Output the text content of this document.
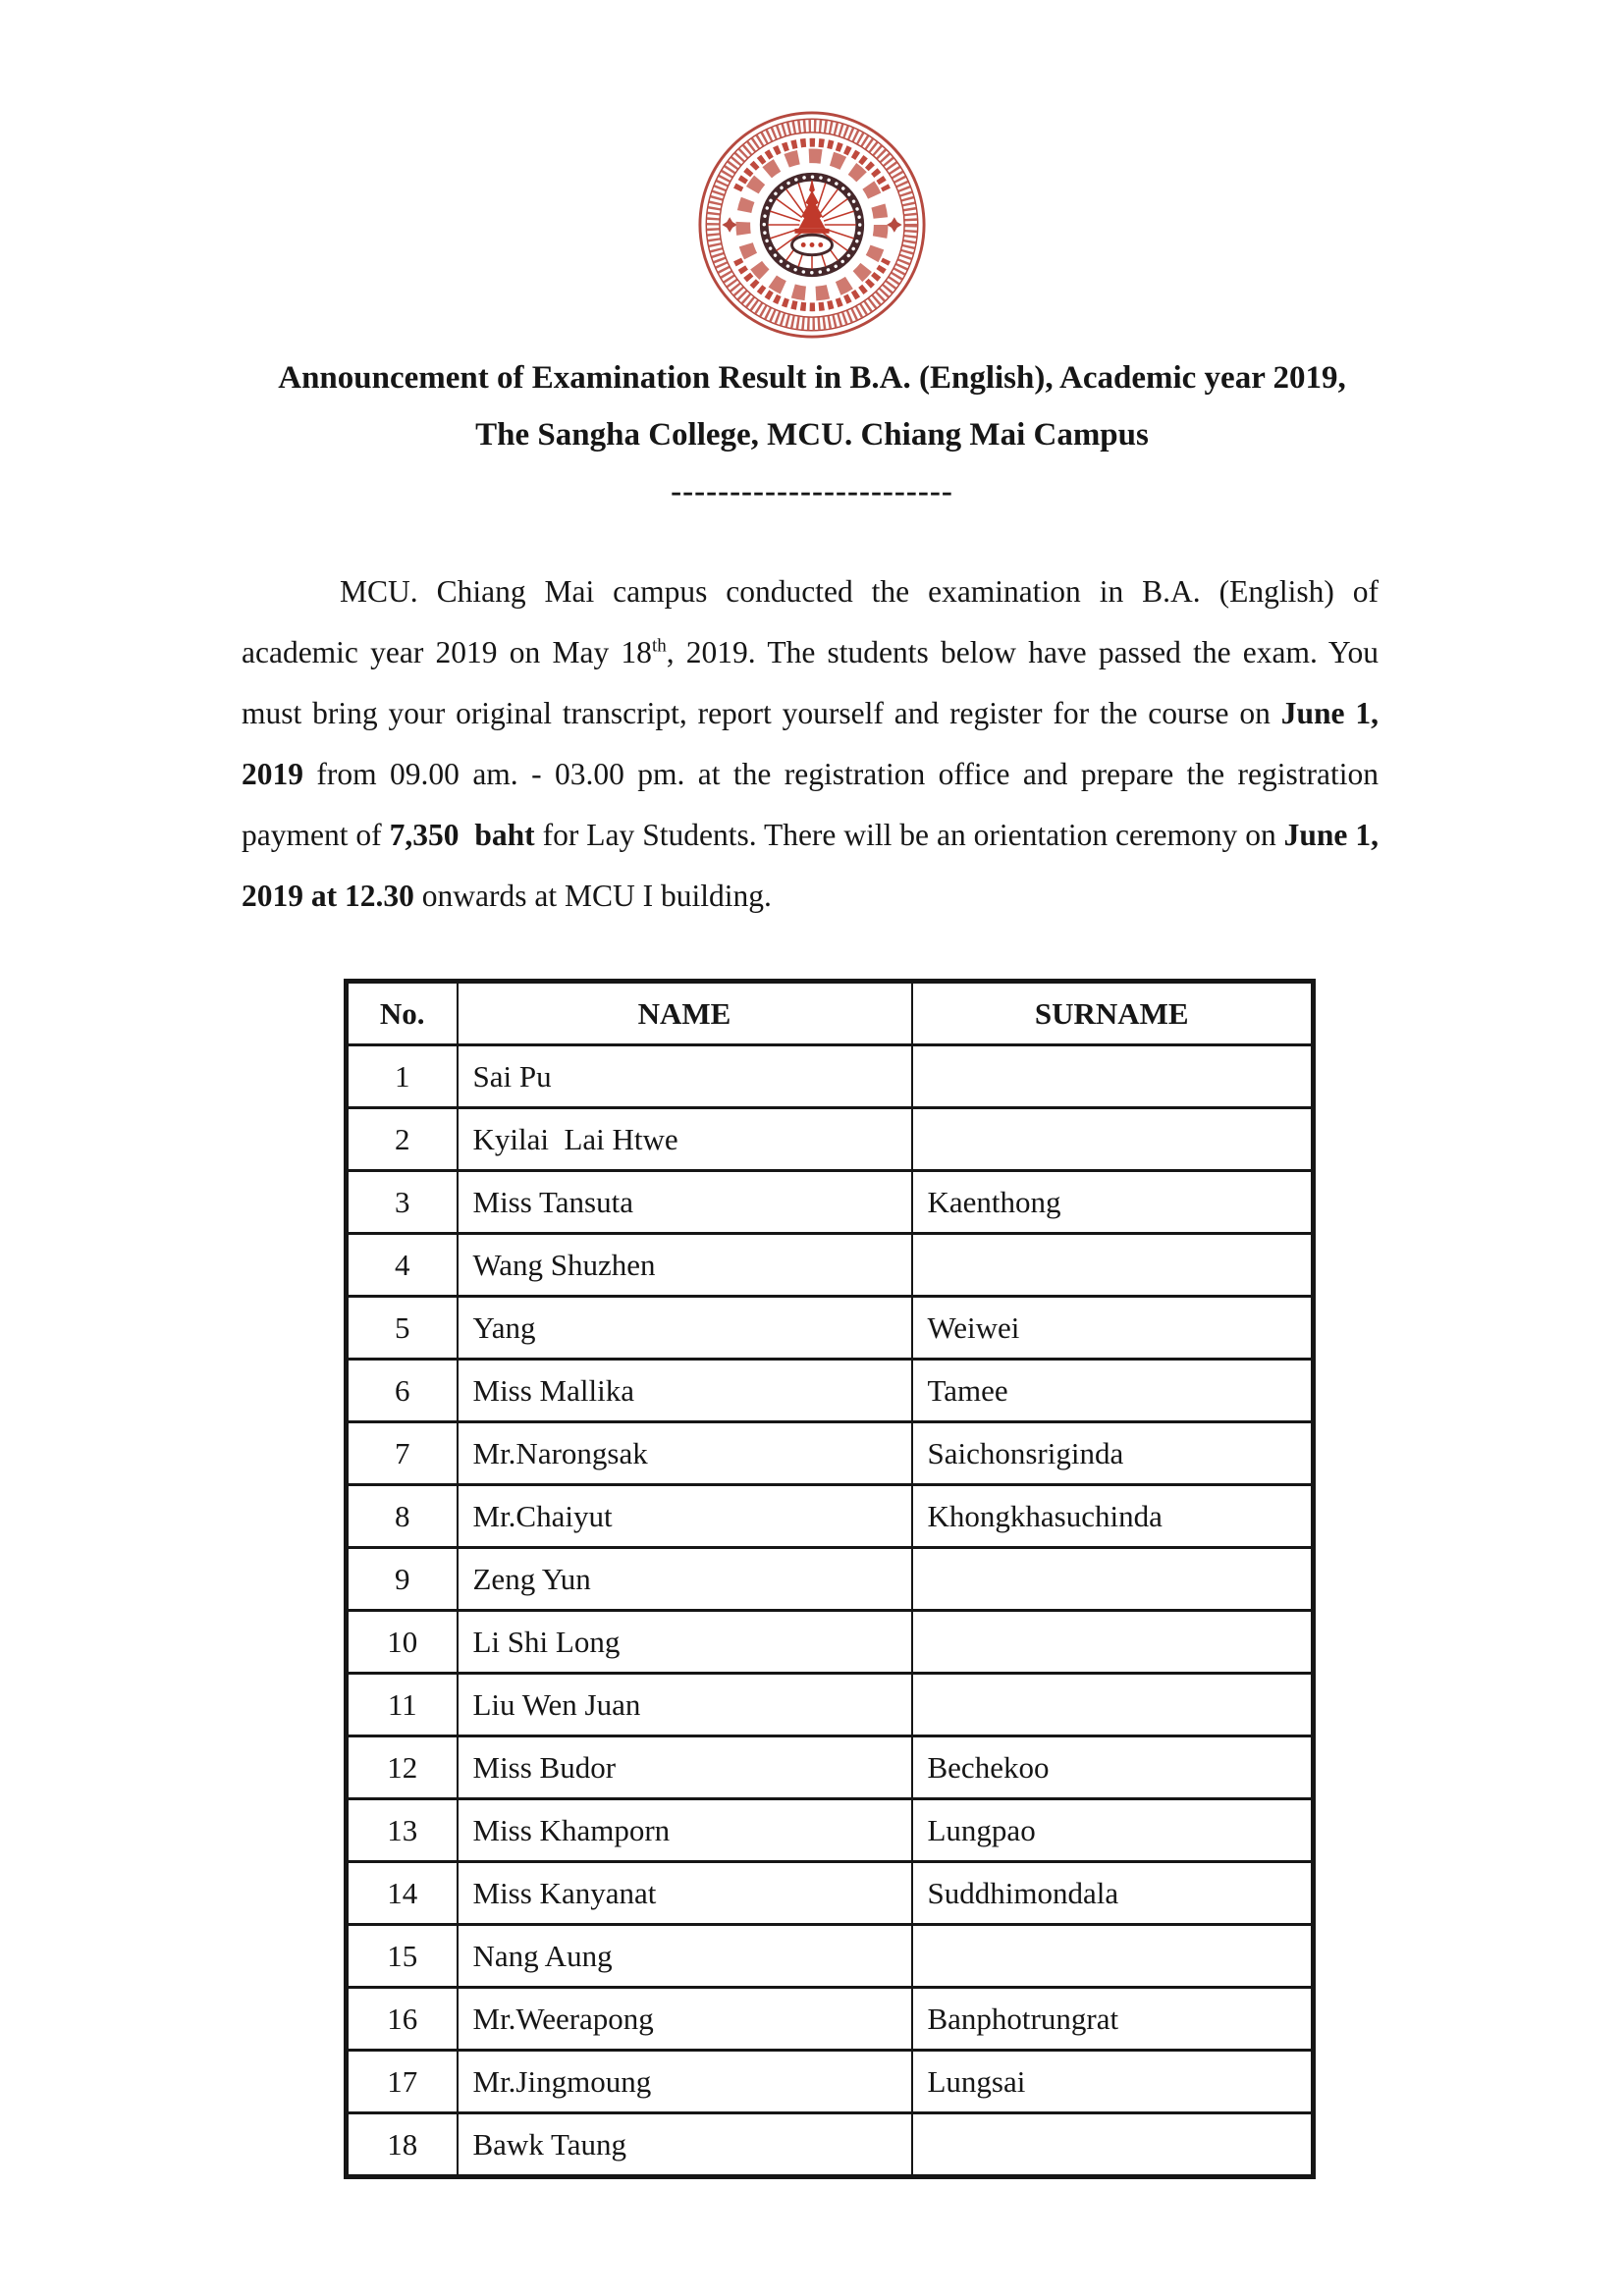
Announcement of Examination Result in B.A. (English), Academic year 2019,
The Sangha College, MCU. Chiang Mai Campus
------------------------

MCU. Chiang Mai campus conducted the examination in B.A. (English) of academic year 2019 on May 18th, 2019. The students below have passed the exam. You must bring your original transcript, report yourself and register for the course on June 1, 2019 from 09.00 am. - 03.00 pm. at the registration office and prepare the registration payment of 7,350  baht for Lay Students. There will be an orientation ceremony on June 1, 2019 at 12.30 onwards at MCU I building.

No.	NAME	SURNAME
1	Sai Pu	
2	Kyilai  Lai Htwe	
3	Miss Tansuta	Kaenthong
4	Wang Shuzhen	
5	Yang	Weiwei
6	Miss Mallika	Tamee
7	Mr.Narongsak	Saichonsriginda
8	Mr.Chaiyut	Khongkhasuchinda
9	Zeng Yun	
10	Li Shi Long	
11	Liu Wen Juan	
12	Miss Budor	Bechekoo
13	Miss Khamporn	Lungpao
14	Miss Kanyanat	Suddhimondala
15	Nang Aung	
16	Mr.Weerapong	Banphotrungrat
17	Mr.Jingmoung	Lungsai
18	Bawk Taung	
